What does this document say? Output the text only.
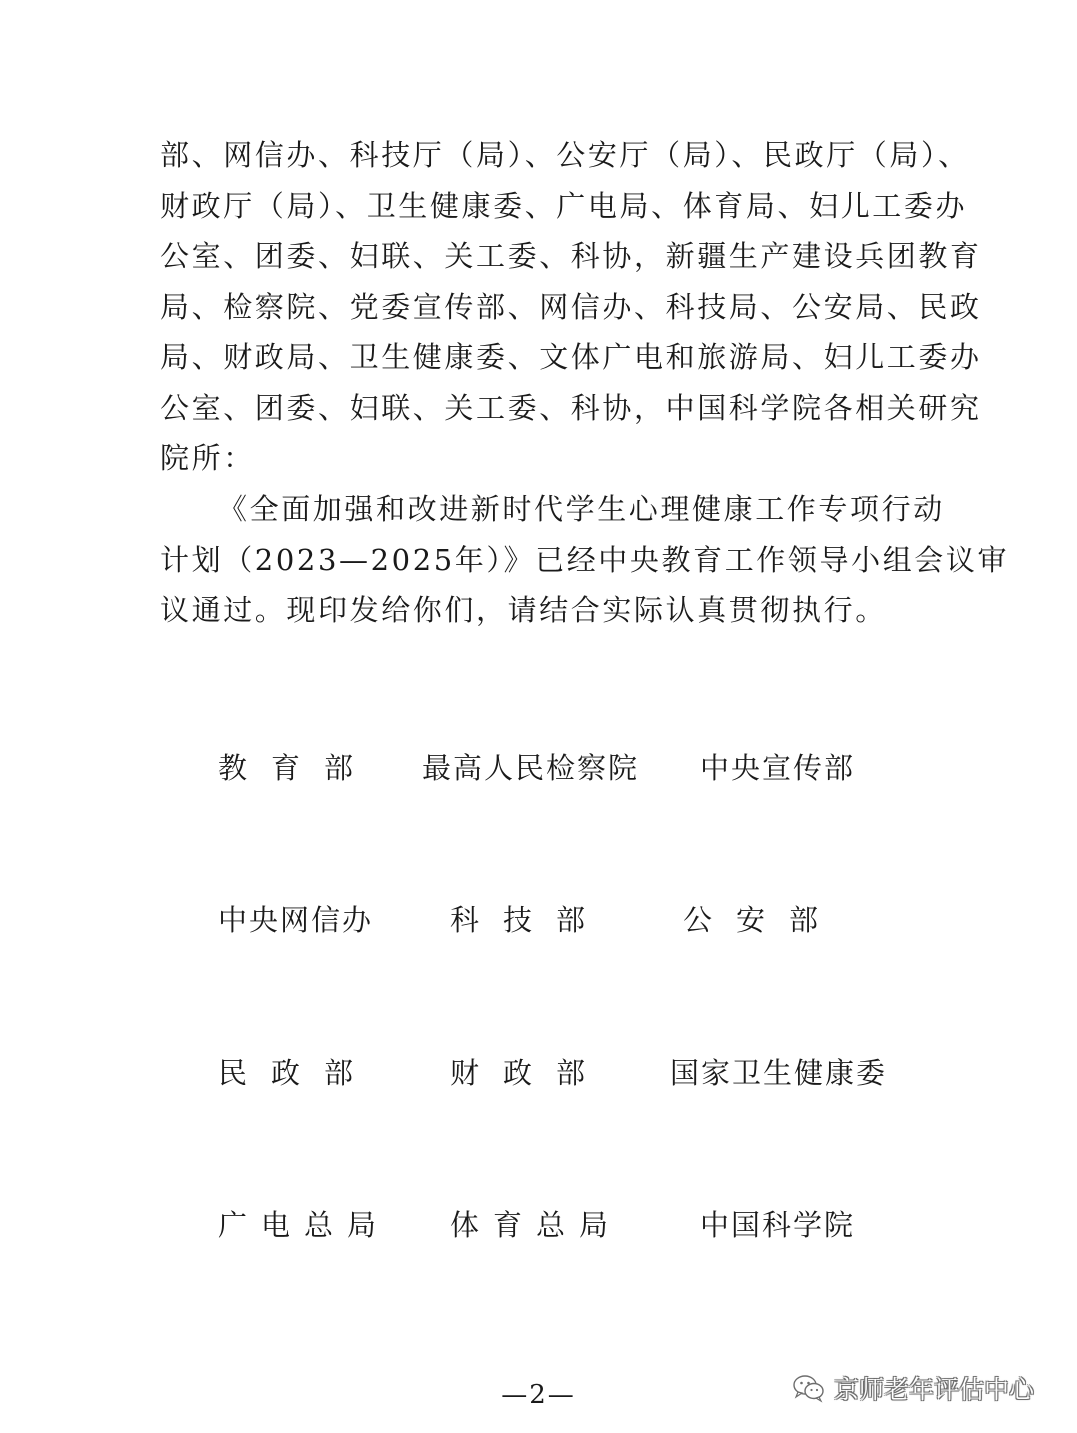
部、网信办、科技厅（局）、公安厅（局）、民政厅（局）、
财政厅（局）、卫生健康委、广电局、体育局、妇儿工委办
公室、团委、妇联、关工委、科协，新疆生产建设兵团教育
局、检察院、党委宣传部、网信办、科技局、公安局、民政
局、财政局、卫生健康委、文体广电和旅游局、妇儿工委办
公室、团委、妇联、关工委、科协，中国科学院各相关研究
院所：
《全面加强和改进新时代学生心理健康工作专项行动
计划（2023—2025年）》已经中央教育工作领导小组会议审
议通过。现印发给你们，请结合实际认真贯彻执行。
教育部 最高人民检察院 中央宣传部
中央网信办	科技部	公安部
民政部	财政部 国家卫生健康委
广电总局 体育总局	中国科学院
—2—	京师老年评估中心
